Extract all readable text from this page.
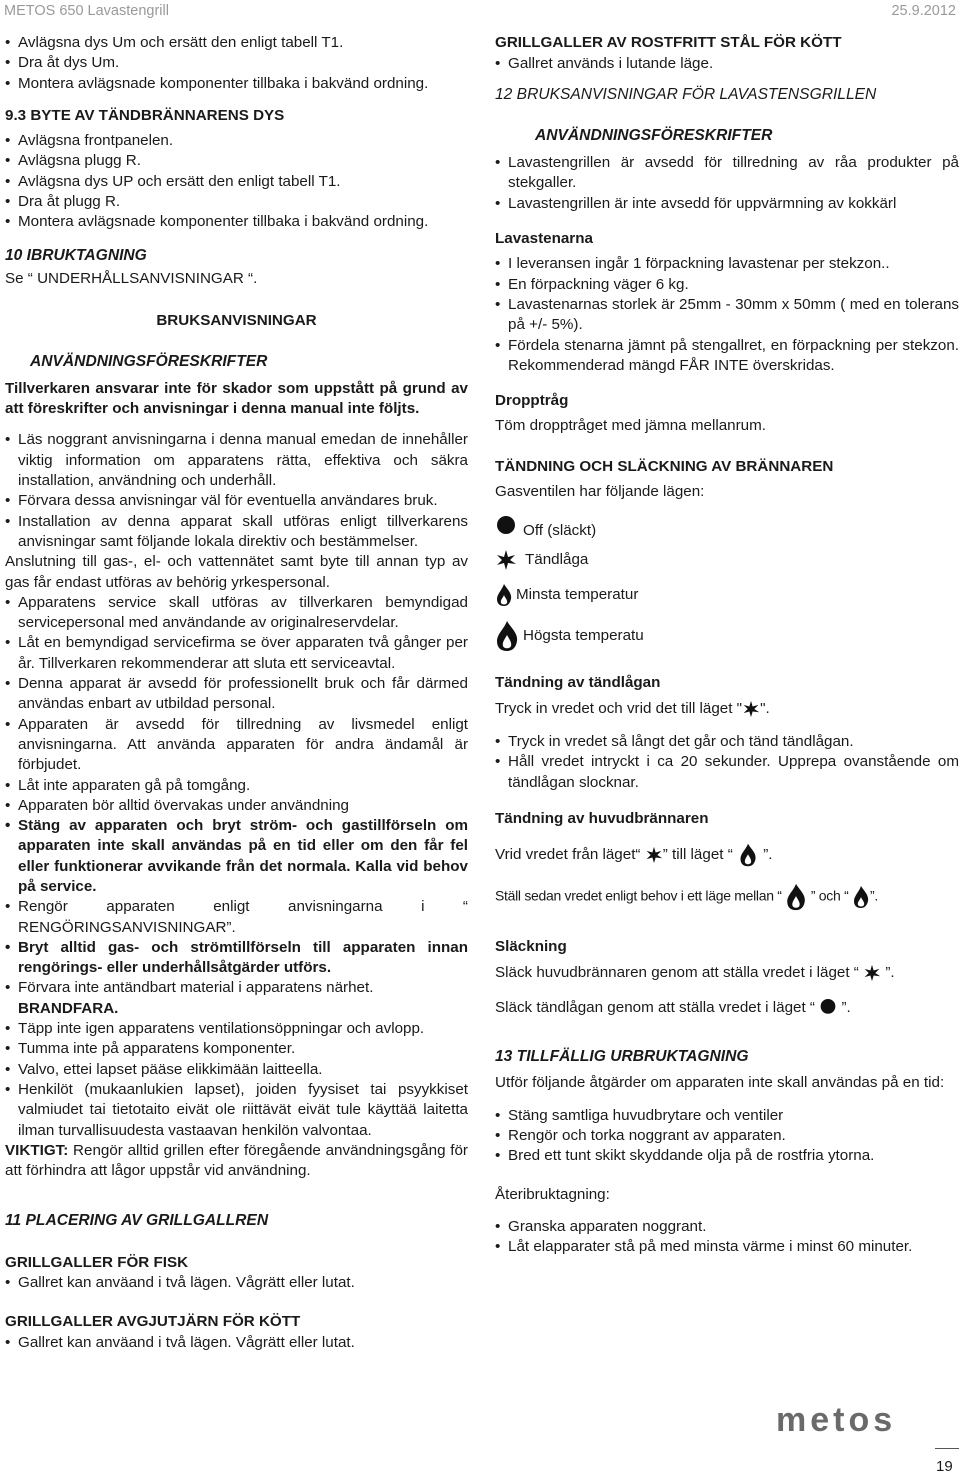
METOS 650 Lavastengrill	25.9.2012
• Avlägsna dys Um och ersätt den enligt tabell T1.
• Dra åt dys Um.
• Montera avlägsnade komponenter tillbaka i bakvänd ordning.

9.3 BYTE AV TÄNDBRÄNNARENS DYS

• Avlägsna frontpanelen.
• Avlägsna plugg R.
• Avlägsna dys UP och ersätt den enligt tabell T1.
• Dra åt plugg R.
• Montera avlägsnade komponenter tillbaka i bakvänd ordning.

10 IBRUKTAGNING

Se “ UNDERHÅLLSANVISNINGAR “.

BRUKSANVISNINGAR

ANVÄNDNINGSFÖRESKRIFTER

Tillverkaren ansvarar inte för skador som uppstått på grund av att föreskrifter och anvisningar i denna manual inte följts.

• Läs noggrant anvisningarna i denna manual emedan de innehåller viktig information om apparatens rätta, effektiva och säkra installation, användning och underhåll.
• Förvara dessa anvisningar väl för eventuella användares bruk.
• Installation av denna apparat skall utföras enligt tillverkarens anvisningar samt följande lokala direktiv och bestämmelser.

Anslutning till gas-, el- och vattennätet samt byte till annan typ av gas får endast utföras av behörig yrkespersonal.

• Apparatens service skall utföras av tillverkaren bemyndigad servicepersonal med användande av originalreservdelar.
• Låt en bemyndigad servicefirma se över apparaten två gånger per år. Tillverkaren rekommenderar att sluta ett serviceavtal.
• Denna apparat är avsedd för professionellt bruk och får därmed användas enbart av utbildad personal.
• Apparaten är avsedd för tillredning av livsmedel enligt anvisningarna. Att använda apparaten för andra ändamål är förbjudet.
• Låt inte apparaten gå på tomgång.
• Apparaten bör alltid övervakas under användning
• Stäng av apparaten och bryt ström- och gastillförseln om apparaten inte skall användas på en tid eller om den får fel eller funktionerar avvikande från det normala. Kalla vid behov på service.
• Rengör apparaten enligt anvisningarna i “ RENGÖRINGSANVISNINGAR”.
• Bryt alltid gas- och strömtillförseln till apparaten innan rengörings- eller underhållsåtgärder utförs.
• Förvara inte antändbart material i apparatens närhet.
BRANDFARA.
• Täpp inte igen apparatens ventilationsöppningar och avlopp.
• Tumma inte på apparatens komponenter.
• Valvo, ettei lapset pääse elikkimään laitteella.
• Henkilöt (mukaanlukien lapset), joiden fyysiset tai psyykkiset valmiudet tai tietotaito eivät ole riittävät eivät tule käyttää laitetta ilman turvallisuudesta vastaavan henkilön valvontaa.

VIKTIGT: Rengör alltid grillen efter föregående användningsgång för att förhindra att lågor uppstår vid användning.

11 PLACERING AV GRILLGALLREN

GRILLGALLER FÖR FISK

• Gallret kan anväand i två lägen. Vågrätt eller lutat.

GRILLGALLER AVGJUTJÄRN FÖR KÖTT

• Gallret kan anväand i två lägen. Vågrätt eller lutat.

GRILLGALLER AV ROSTFRITT STÅL FÖR KÖTT

• Gallret används i lutande läge.

12 BRUKSANVISNINGAR FÖR LAVASTENSGRILLEN

ANVÄNDNINGSFÖRESKRIFTER

• Lavastengrillen är avsedd för tillredning av råa produkter på stekgaller.
• Lavastengrillen är inte avsedd för uppvärmning av kokkärl

Lavastenarna

• I leveransen ingår 1 förpackning lavastenar per stekzon..
• En förpackning väger 6 kg.
• Lavastenarnas storlek är 25mm - 30mm x 50mm ( med en tolerans på +/- 5%).
• Fördela stenarna jämnt på stengallret, en förpackning per stekzon. Rekommenderad mängd FÅR INTE överskridas.

Dropptråg

Töm dropptråget med jämna mellanrum.

TÄNDNING OCH SLÄCKNING AV BRÄNNAREN

Gasventilen har följande lägen:

Off (släckt)
Tändlåga
Minsta temperatur
Högsta temperatu

Tändning av tändlågan

Tryck in vredet och vrid det till läget " ".

• Tryck in vredet så långt det går och tänd tändlågan.
• Håll vredet intryckt i ca 20 sekunder. Upprepa ovanstående om tändlågan slocknar.

Tändning av huvudbrännaren

Vrid vredet från läget“ ” till läget “ ”.

Ställ sedan vredet enligt behov i ett läge mellan “ ” och “ ”.

Släckning

Släck huvudbrännaren genom att ställa vredet i läget “ ”.

Släck tändlågan genom att ställa vredet i läget “ ”.

13 TILLFÄLLIG URBRUKTAGNING

Utför följande åtgärder om apparaten inte skall användas på en tid:

• Stäng samtliga huvudbrytare och ventiler
• Rengör och torka noggrant av apparaten.
• Bred ett tunt skikt skyddande olja på de rostfria ytorna.

Återibruktagning:

• Granska apparaten noggrant.
• Låt elapparater stå på med minsta värme i minst 60 minuter.
metos
19
